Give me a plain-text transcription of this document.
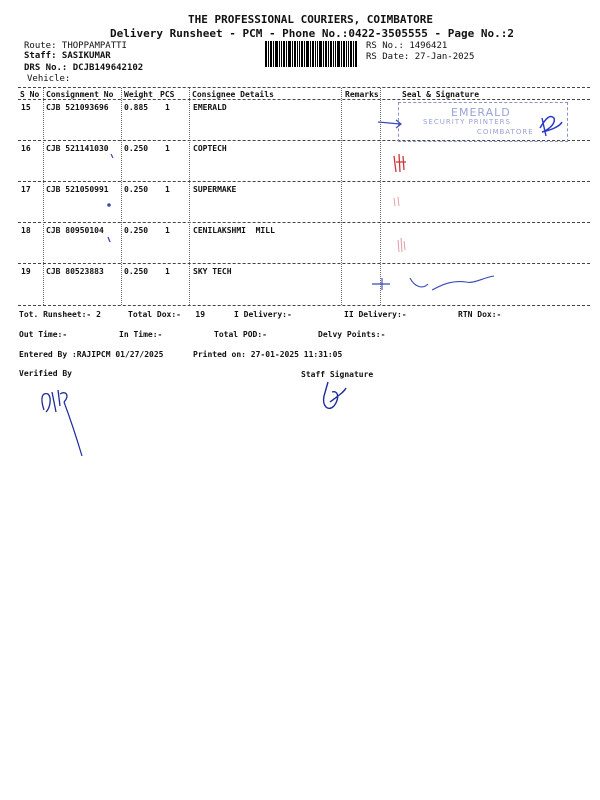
THE PROFESSIONAL COURIERS, COIMBATORE
Delivery Runsheet - PCM - Phone No.:0422-3505555 - Page No.:2
Route: THOPPAMPATTI
Staff: SASIKUMAR
DRS No.: DCJB149642102
Vehicle:
RS No.: 1496421
RS Date: 27-Jan-2025
S No Consignment No Weight PCS Consignee Details	Remarks	Seal & Signature
15 CJB 521093696 0.885 1	EMERALD
16 CJB 521141030 0.250 1	COPTECH
17 CJB 521050991 0.250 1	SUPERMAKE
18 CJB 80950104	0.250 1	CENILAKSHMI  MILL
19 CJB 80523883	0.250 1	SKY TECH
EMERALD
SECURITY PRINTERS
COIMBATORE
Tot. Runsheet:- 2	Total Dox:-   19	I Delivery:-	II Delivery:-	RTN Dox:-
Out Time:-	In Time:-	Total POD:-	Delvy Points:-
Entered By :RAJIPCM 01/27/2025	Printed on: 27-01-2025 11:31:05
Verified By	Staff Signature
